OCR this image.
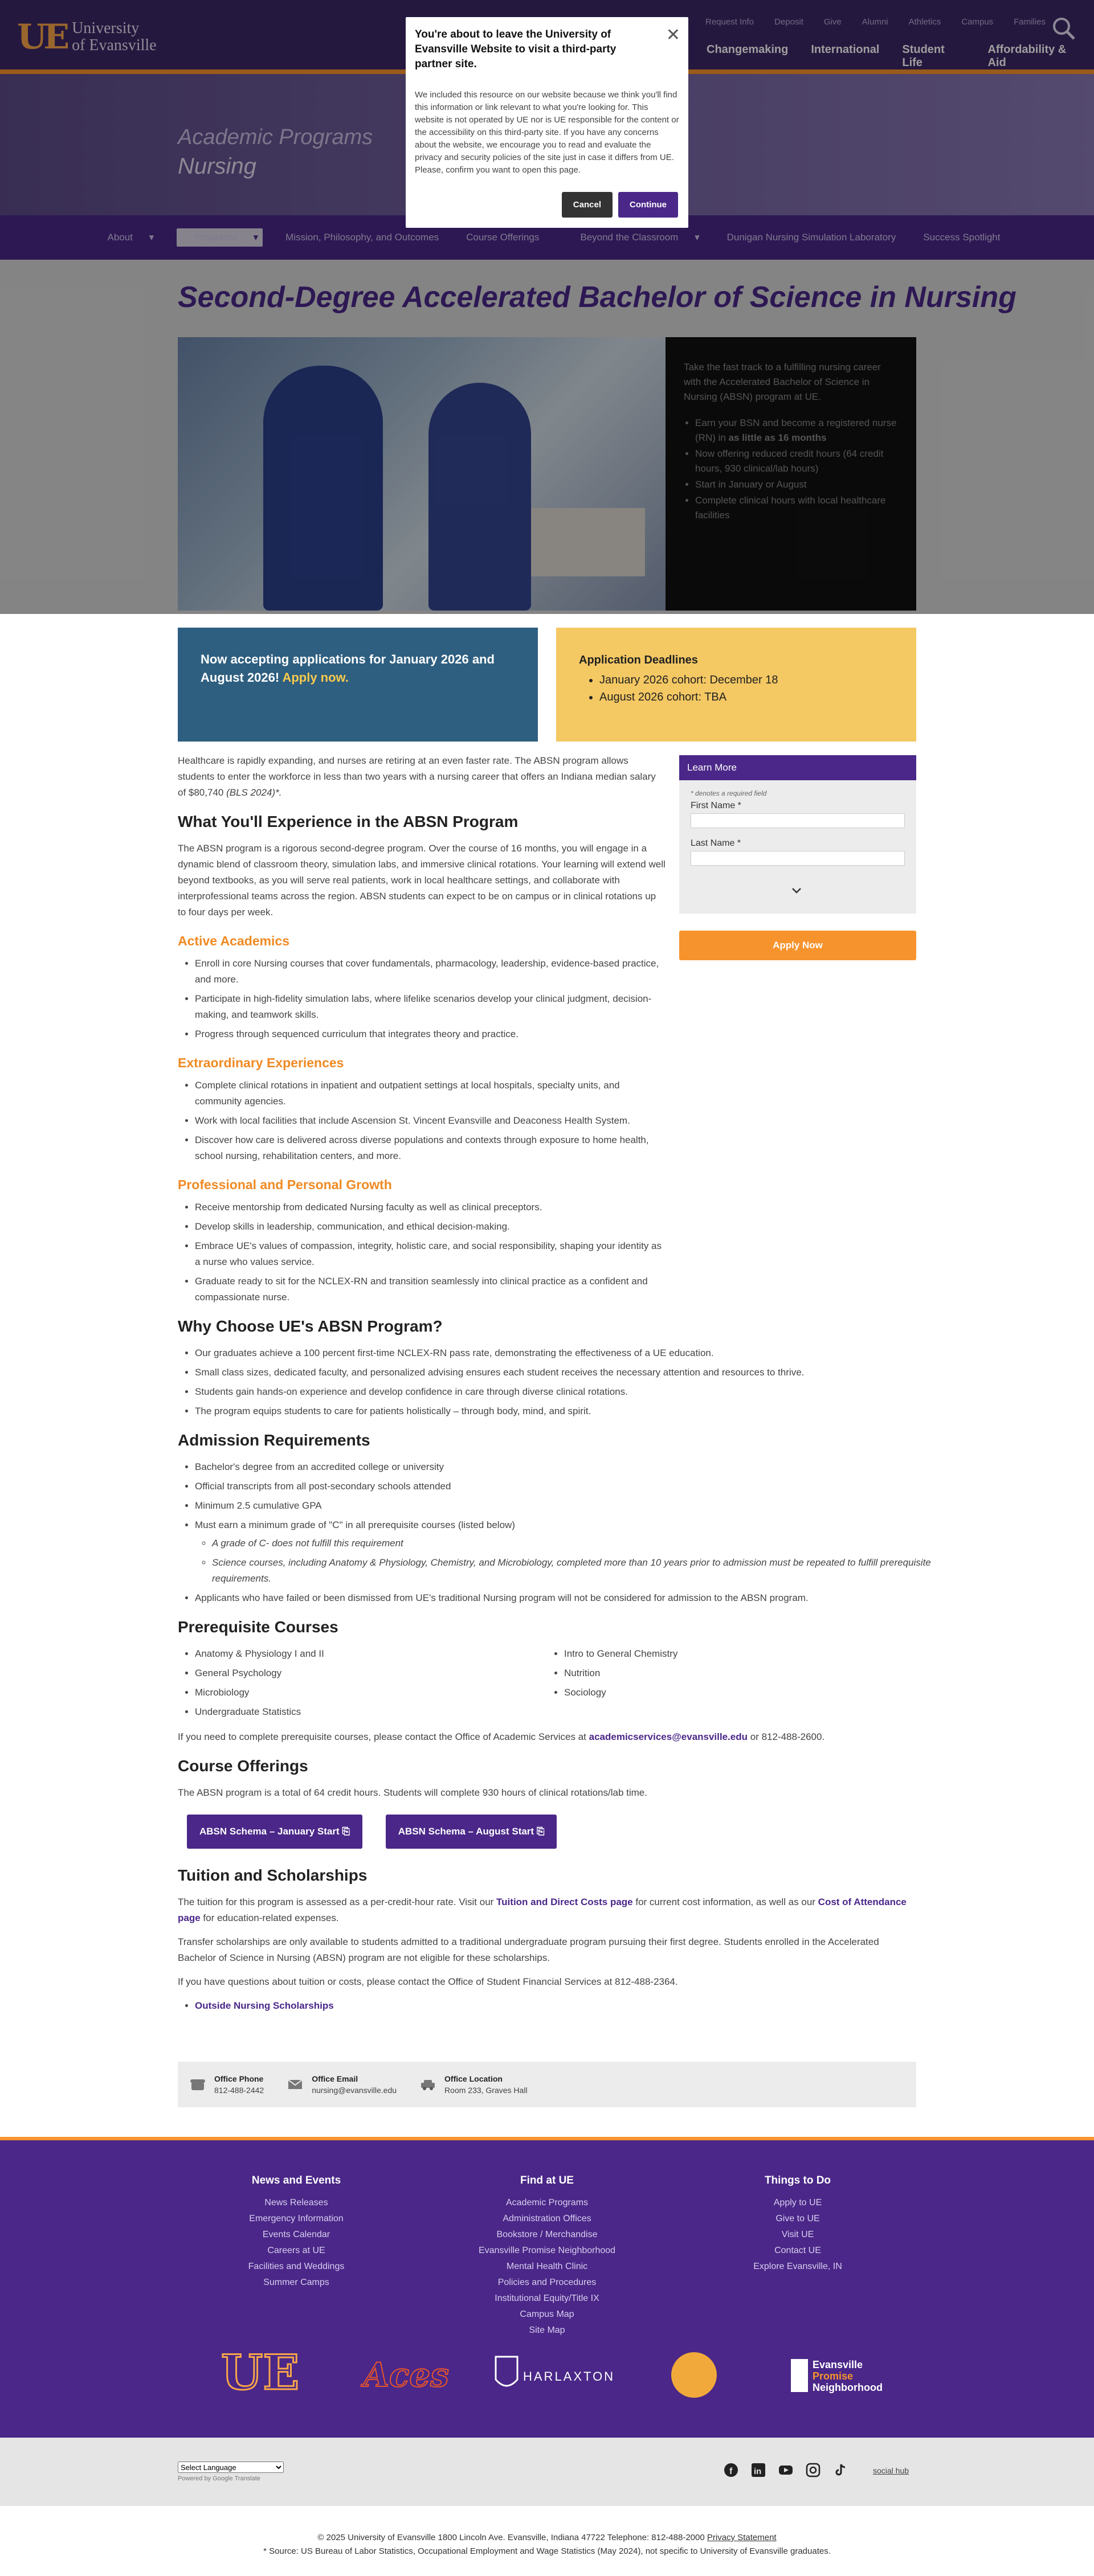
UE University
of Evansville
Request Info Deposit Give Alumni Athletics Campus Families
Changemaking International Student Life
Affordability & Aid
Academic Programs
Nursing
About ▾	Programs ▾	Mission, Philosophy, and Outcomes	Course Offerings	Beyond the Classroom ▾	Dunigan Nursing Simulation Laboratory	Success Spotlight
Second-Degree Accelerated Bachelor of Science in Nursing

Take the fast track to a fulfilling nursing career with the Accelerated Bachelor of Science in Nursing (ABSN) program at UE.

• Earn your BSN and become a registered nurse (RN) in as little as 16 months
• Now offering reduced credit hours (64 credit hours, 930 clinical/lab hours)
• Start in January or August
• Complete clinical hours with local healthcare facilities
You're about to leave the University of Evansville Website to visit a third-party partner site.
✕
We included this resource on our website because we think you'll find this information or link relevant to what you're looking for. This website is not operated by UE nor is UE responsible for the content or the accessibility on this third-party site. If you have any concerns about the website, we encourage you to read and evaluate the privacy and security policies of the site just in case it differs from UE. Please, confirm you want to open this page.
Cancel	Continue
Now accepting applications for January 2026 and August 2026! Apply now.
Application Deadlines
• January 2026 cohort: December 18
• August 2026 cohort: TBA

Healthcare is rapidly expanding, and nurses are retiring at an even faster rate. The ABSN program allows students to enter the workforce in less than two years with a nursing career that offers an Indiana median salary of $80,740 (BLS 2024)*.

What You'll Experience in the ABSN Program

The ABSN program is a rigorous second-degree program. Over the course of 16 months, you will engage in a dynamic blend of classroom theory, simulation labs, and immersive clinical rotations. Your learning will extend well beyond textbooks, as you will serve real patients, work in local healthcare settings, and collaborate with interprofessional teams across the region. ABSN students can expect to be on campus or in clinical rotations up to four days per week.

Active Academics
• Enroll in core Nursing courses that cover fundamentals, pharmacology, leadership, evidence-based practice, and more.
• Participate in high-fidelity simulation labs, where lifelike scenarios develop your clinical judgment, decision-making, and teamwork skills.
• Progress through sequenced curriculum that integrates theory and practice.
Extraordinary Experiences
• Complete clinical rotations in inpatient and outpatient settings at local hospitals, specialty units, and community agencies.
• Work with local facilities that include Ascension St. Vincent Evansville and Deaconess Health System.
• Discover how care is delivered across diverse populations and contexts through exposure to home health, school nursing, rehabilitation centers, and more.
Professional and Personal Growth
• Receive mentorship from dedicated Nursing faculty as well as clinical preceptors.
• Develop skills in leadership, communication, and ethical decision-making.
• Embrace UE's values of compassion, integrity, holistic care, and social responsibility, shaping your identity as a nurse who values service.
• Graduate ready to sit for the NCLEX-RN and transition seamlessly into clinical practice as a confident and compassionate nurse.
Why Choose UE's ABSN Program?
• Our graduates achieve a 100 percent first-time NCLEX-RN pass rate, demonstrating the effectiveness of a UE education.
• Small class sizes, dedicated faculty, and personalized advising ensures each student receives the necessary attention and resources to thrive.
• Students gain hands-on experience and develop confidence in care through diverse clinical rotations.
• The program equips students to care for patients holistically – through body, mind, and spirit.
Admission Requirements
• Bachelor's degree from an accredited college or university
• Official transcripts from all post-secondary schools attended
• Minimum 2.5 cumulative GPA
• Must earn a minimum grade of "C" in all prerequisite courses (listed below)
◦ A grade of C- does not fulfill this requirement
◦ Science courses, including Anatomy & Physiology, Chemistry, and Microbiology, completed more than 10 years prior to admission must be repeated to fulfill prerequisite requirements.
• Applicants who have failed or been dismissed from UE's traditional Nursing program will not be considered for admission to the ABSN program.
Prerequisite Courses
• Anatomy & Physiology I and II
• General Psychology
• Microbiology
• Undergraduate Statistics
• Intro to General Chemistry
• Nutrition
• Sociology

If you need to complete prerequisite courses, please contact the Office of Academic Services at academicservices@evansville.edu or 812-488-2600.

Course Offerings

The ABSN program is a total of 64 credit hours. Students will complete 930 hours of clinical rotations/lab time.

ABSN Schema – January Start ⎘	ABSN Schema – August Start ⎘
Tuition and Scholarships

The tuition for this program is assessed as a per-credit-hour rate. Visit our Tuition and Direct Costs page for current cost information, as well as our Cost of Attendance page for education-related expenses.

Transfer scholarships are only available to students admitted to a traditional undergraduate program pursuing their first degree. Students enrolled in the Accelerated Bachelor of Science in Nursing (ABSN) program are not eligible for these scholarships.

If you have questions about tuition or costs, please contact the Office of Student Financial Services at 812-488-2364.

• Outside Nursing Scholarships
Learn More
* denotes a required field
First Name *
Last Name *
Apply Now
Office Phone
812-488-2442
Office Email
nursing@evansville.edu
Office Location
Room 233, Graves Hall
News and Events
News Releases
Emergency Information
Events Calendar
Careers at UE
Facilities and Weddings
Summer Camps
Find at UE
Academic Programs
Administration Offices
Bookstore / Merchandise
Evansville Promise Neighborhood
Mental Health Clinic
Policies and Procedures
Institutional Equity/Title IX
Campus Map
Site Map
Things to Do
Apply to UE
Give to UE
Visit UE
Contact UE
Explore Evansville, IN
UE Aces	HARLAXTON
Evansville
Promise
Neighborhood
Select Language
Powered by Google Translate
f	in	social hub
© 2025 University of Evansville 1800 Lincoln Ave. Evansville, Indiana 47722 Telephone: 812-488-2000 Privacy Statement
* Source: US Bureau of Labor Statistics, Occupational Employment and Wage Statistics (May 2024), not specific to University of Evansville graduates.
